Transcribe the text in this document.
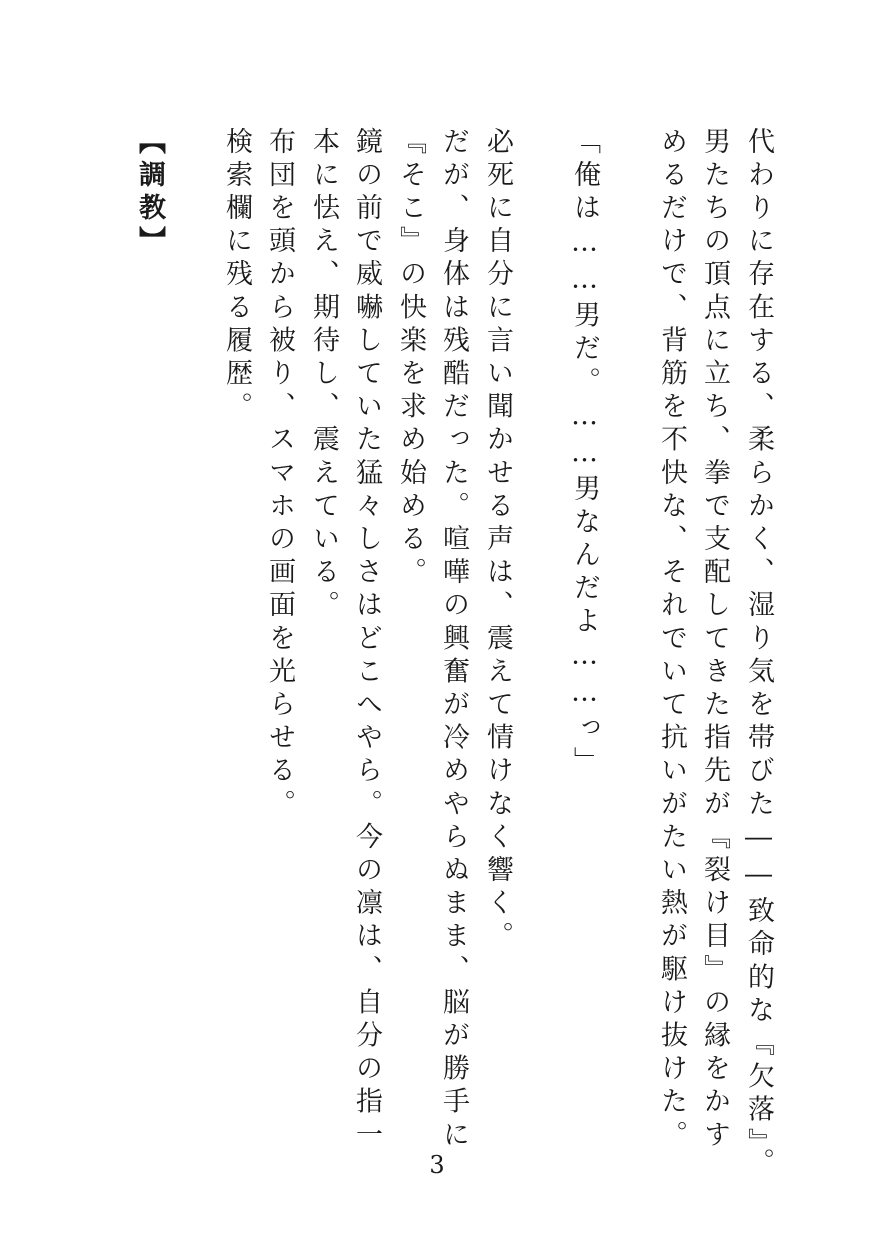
代わりに存在する、柔らかく、湿り気を帯びた――致命的な『欠落』。
男たちの頂点に立ち、拳で支配してきた指先が『裂け目』の縁をかす
めるだけで、背筋を不快な、それでいて抗いがたい熱が駆け抜けた。
「俺は……男だ。……男なんだよ……っ」
必死に自分に言い聞かせる声は、震えて情けなく響く。
だが、身体は残酷だった。喧嘩の興奮が冷めやらぬまま、脳が勝手に
『そこ』の快楽を求め始める。
鏡の前で威嚇していた猛々しさはどこへやら。今の凛は、自分の指一
本に怯え、期待し、震えている。
布団を頭から被り、スマホの画面を光らせる。
検索欄に残る履歴。
【調教】
3
